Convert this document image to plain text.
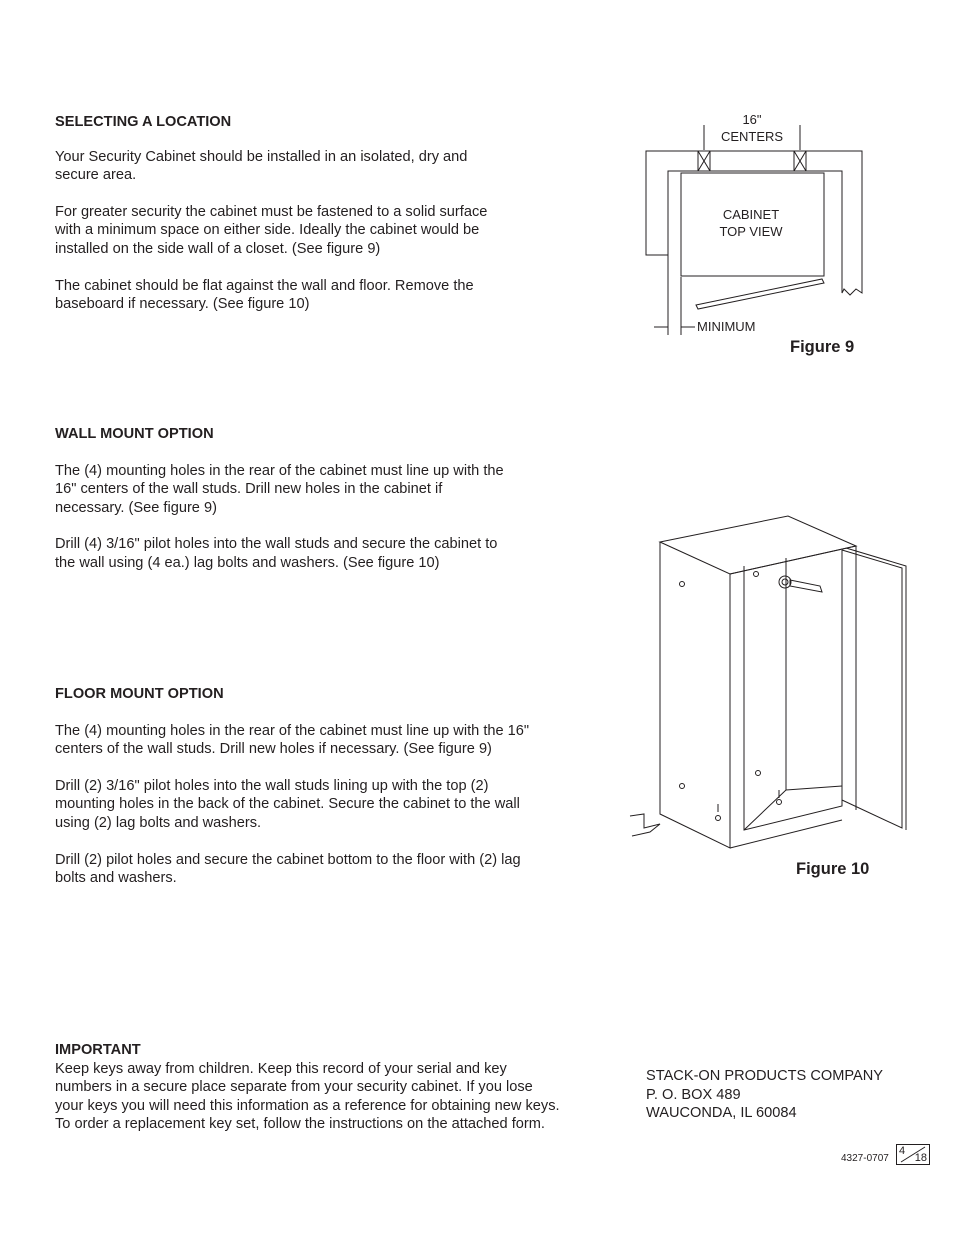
SELECTING A LOCATION

Your Security Cabinet should be installed in an isolated, dry and
secure area.

For greater security the cabinet must be fastened to a solid surface
with a minimum space on either side. Ideally the cabinet would be
installed on the side wall of a closet. (See figure 9)

The cabinet should be flat against the wall and floor. Remove the
baseboard if necessary. (See figure 10)

WALL MOUNT OPTION

The (4) mounting holes in the rear of the cabinet must line up with the
16" centers of the wall studs. Drill new holes in the cabinet if
necessary. (See figure 9)

Drill (4) 3/16" pilot holes into the wall studs and secure the cabinet to
the wall using (4 ea.) lag bolts and washers. (See figure 10)

FLOOR MOUNT OPTION

The (4) mounting holes in the rear of the cabinet must line up with the 16"
centers of the wall studs. Drill new holes if necessary. (See figure 9)

Drill (2) 3/16" pilot holes into the wall studs lining up with the top (2)
mounting holes in the back of the cabinet. Secure the cabinet to the wall
using (2) lag bolts and washers.

Drill (2) pilot holes and secure the cabinet bottom to the floor with (2) lag
bolts and washers.

IMPORTANT

Keep keys away from children. Keep this record of your serial and key
numbers in a secure place separate from your security cabinet. If you lose
your keys you will need this information as a reference for obtaining new keys.
To order a replacement key set, follow the instructions on the attached form.

16"
CENTERS
CABINET
TOP VIEW
MINIMUM
Figure 9
Figure 10

STACK-ON PRODUCTS COMPANY

P. O. BOX 489

WAUCONDA, IL 60084

4327-0707
4
18
